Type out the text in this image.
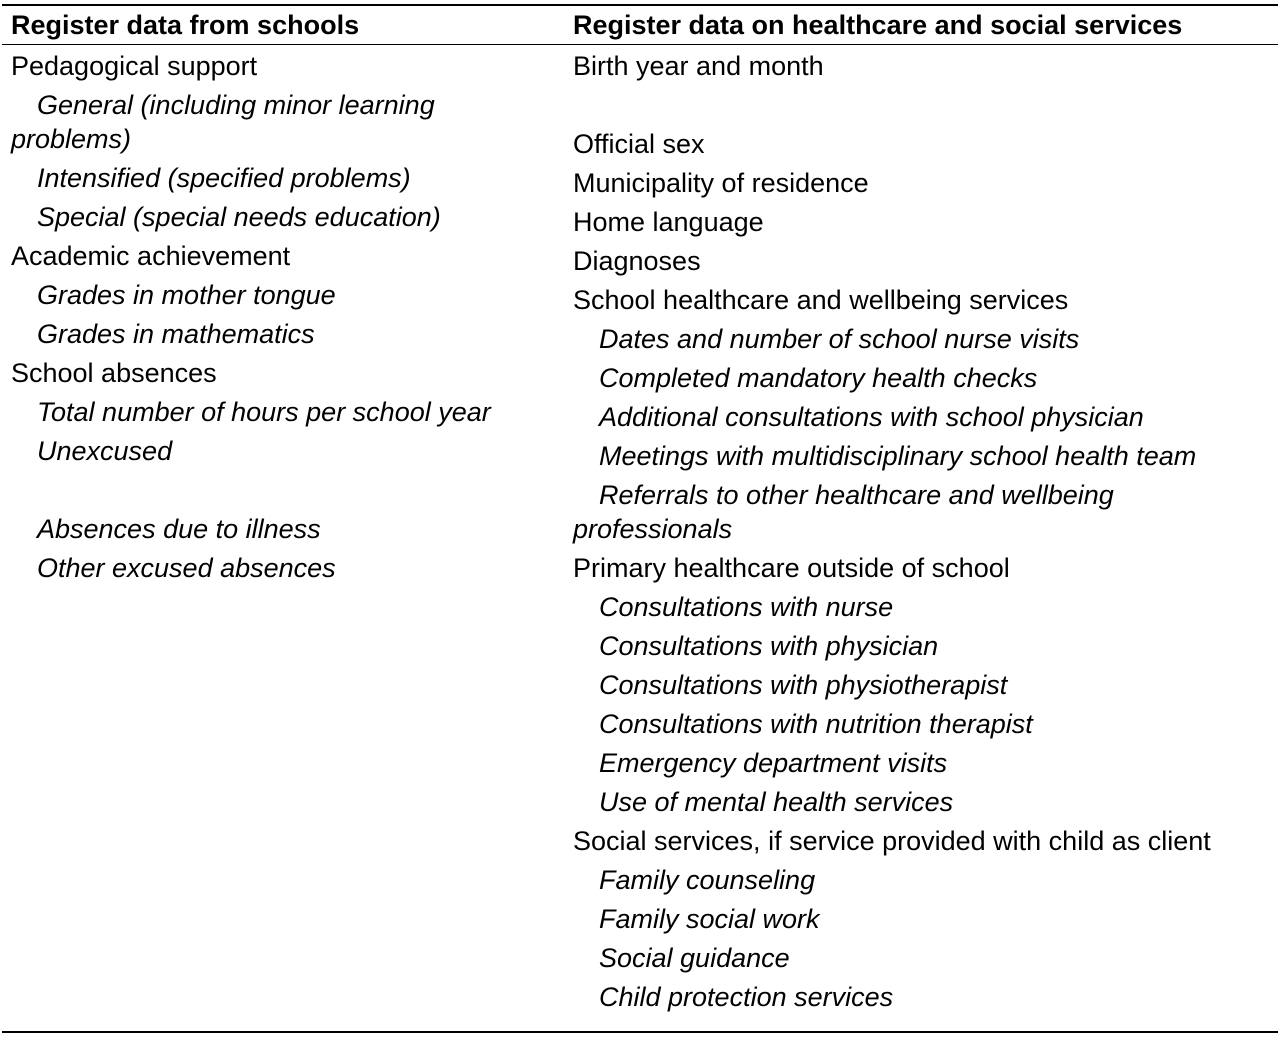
Register data from schools	Register data on healthcare and social services
Pedagogical support
General (including minor learning problems)
Intensified (specified problems)
Special (special needs education)
Academic achievement
Grades in mother tongue
Grades in mathematics
School absences
Total number of hours per school year
Unexcused
Absences due to illness
Other excused absences
Birth year and month
Official sex
Municipality of residence
Home language
Diagnoses
School healthcare and wellbeing services
Dates and number of school nurse visits
Completed mandatory health checks
Additional consultations with school physician
Meetings with multidisciplinary school health team
Referrals to other healthcare and wellbeing professionals
Primary healthcare outside of school
Consultations with nurse
Consultations with physician
Consultations with physiotherapist
Consultations with nutrition therapist
Emergency department visits
Use of mental health services
Social services, if service provided with child as client
Family counseling
Family social work
Social guidance
Child protection services
